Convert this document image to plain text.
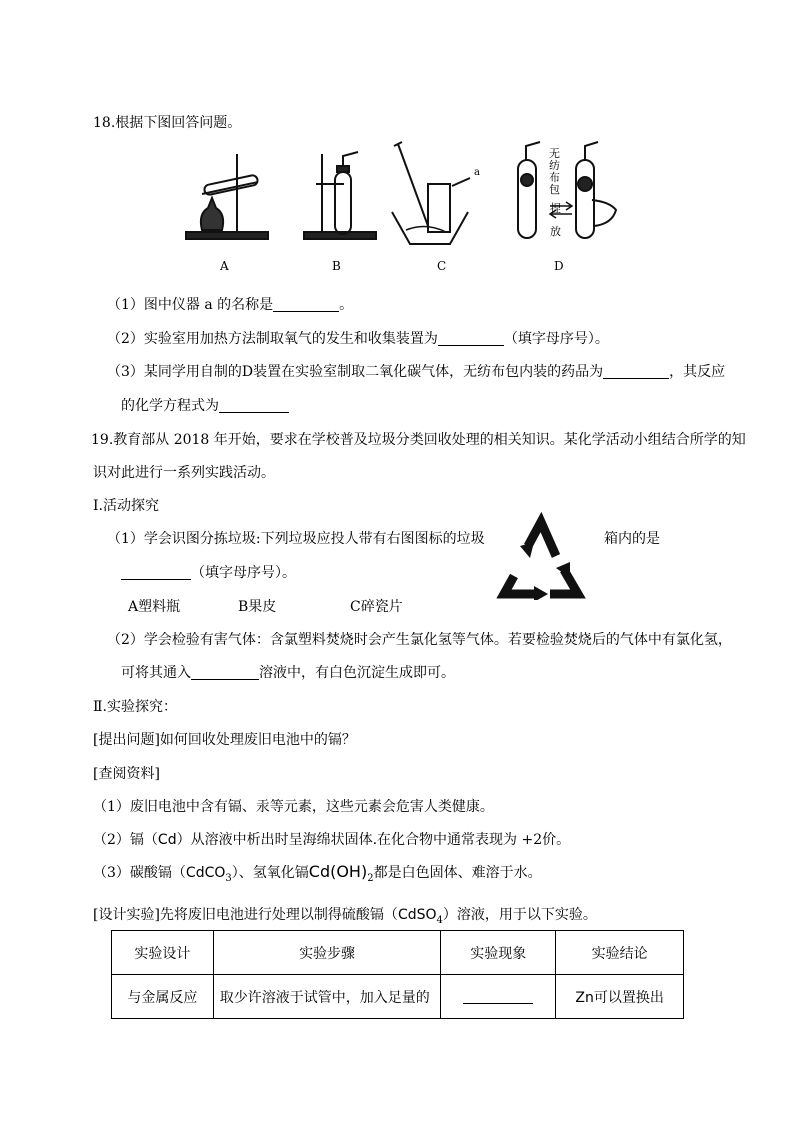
18.根据下图回答问题。
A	B	C	D
a
无纺布包
捏
放
（1）图中仪器 a 的名称是	。
（2）实验室用加热方法制取氧气的发生和收集装置为	（填字母序号）。
（3）某同学用自制的D装置在实验室制取二氧化碳气体，无纺布包内装的药品为	，其反应
的化学方程式为
19.教育部从 2018 年开始，要求在学校普及垃圾分类回收处理的相关知识。某化学活动小组结合所学的知
识对此进行一系列实践活动。
I.活动探究
（1）学会识图分拣垃圾:下列垃圾应投人带有右图图标的垃圾	箱内的是
（填字母序号）。
A塑料瓶	B果皮	C碎瓷片
（2）学会检验有害气体：含氯塑料焚烧时会产生氯化氢等气体。若要检验焚烧后的气体中有氯化氢，
可将其通入	溶液中，有白色沉淀生成即可。
Ⅱ.实验探究：
[提出问题]如何回收处理废旧电池中的镉？
[查阅资料]
（1）废旧电池中含有镉、汞等元素，这些元素会危害人类健康。
（2）镉（Cd）从溶液中析出时呈海绵状固体.在化合物中通常表现为 +2价。
（3）碳酸镉（CdCO$_3$）、氢氧化镉$Cd(OH)_2$都是白色固体、难溶于水。
[设计实验]先将废旧电池进行处理以制得硫酸镉（CdSO$_4$）溶液，用于以下实验。
实验设计	实验步骤	实验现象	实验结论
与金属反应	取少许溶液于试管中，加入足量的		Zn可以置换出
